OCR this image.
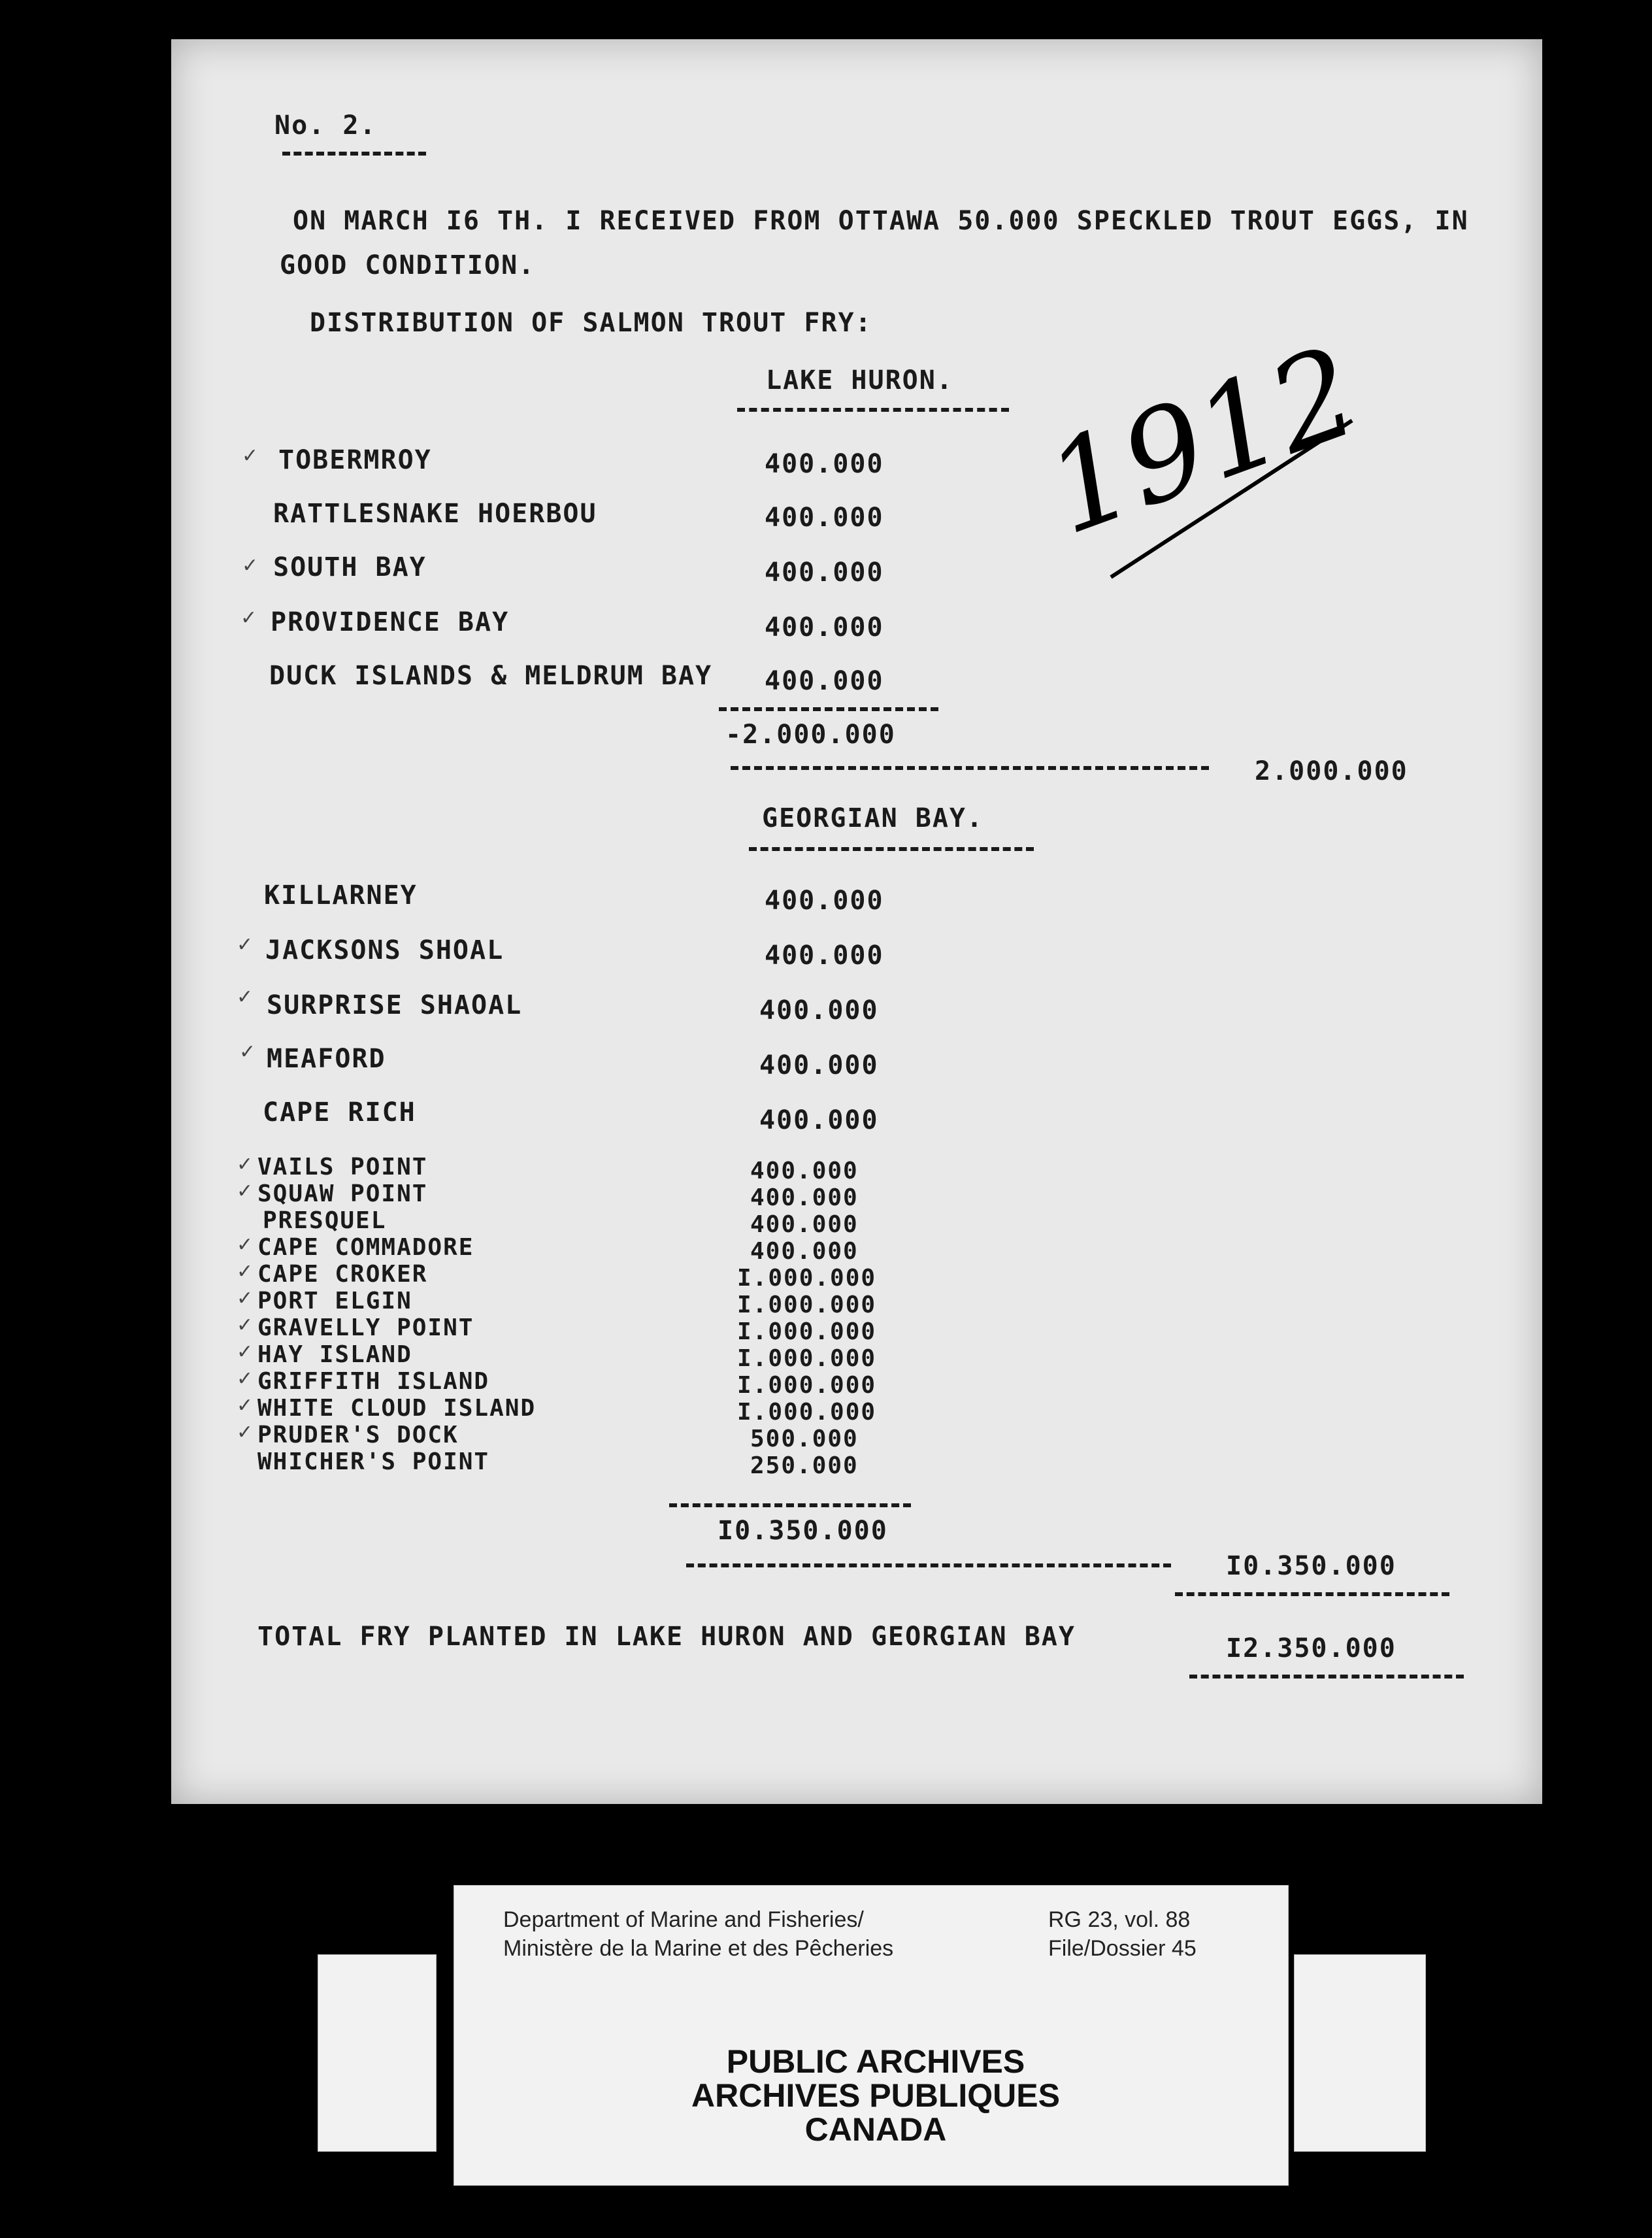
No. 2.
ON MARCH I6 TH. I RECEIVED FROM OTTAWA 50.000 SPECKLED TROUT EGGS, IN
GOOD CONDITION.
DISTRIBUTION OF SALMON TROUT FRY:
LAKE HURON.
✓ TOBERMROY	400.000
RATTLESNAKE HOERBOU	400.000
✓ SOUTH BAY	400.000
✓ PROVIDENCE BAY	400.000
DUCK ISLANDS & MELDRUM BAY 400.000
-2.000.000
2.000.000
1912
GEORGIAN BAY.
KILLARNEY	400.000
✓ JACKSONS SHOAL	400.000
✓ SURPRISE SHAOAL	400.000
✓ MEAFORD	400.000
CAPE RICH	400.000
✓ VAILS POINT	400.000
✓ SQUAW POINT	400.000
PRESQUEL	400.000
✓ CAPE COMMADORE	400.000
✓ CAPE CROKER	I.000.000
✓ PORT ELGIN	I.000.000
✓ GRAVELLY POINT	I.000.000
✓ HAY ISLAND	I.000.000
✓ GRIFFITH ISLAND	I.000.000
✓ WHITE CLOUD ISLAND	I.000.000
✓ PRUDER'S DOCK	500.000
WHICHER'S POINT	250.000
I0.350.000
I0.350.000
TOTAL FRY PLANTED IN LAKE HURON AND GEORGIAN BAY	I2.350.000
Department of Marine and Fisheries/
Ministère de la Marine et des Pêcheries
RG 23, vol. 88
File/Dossier 45
PUBLIC ARCHIVES
ARCHIVES PUBLIQUES
CANADA
